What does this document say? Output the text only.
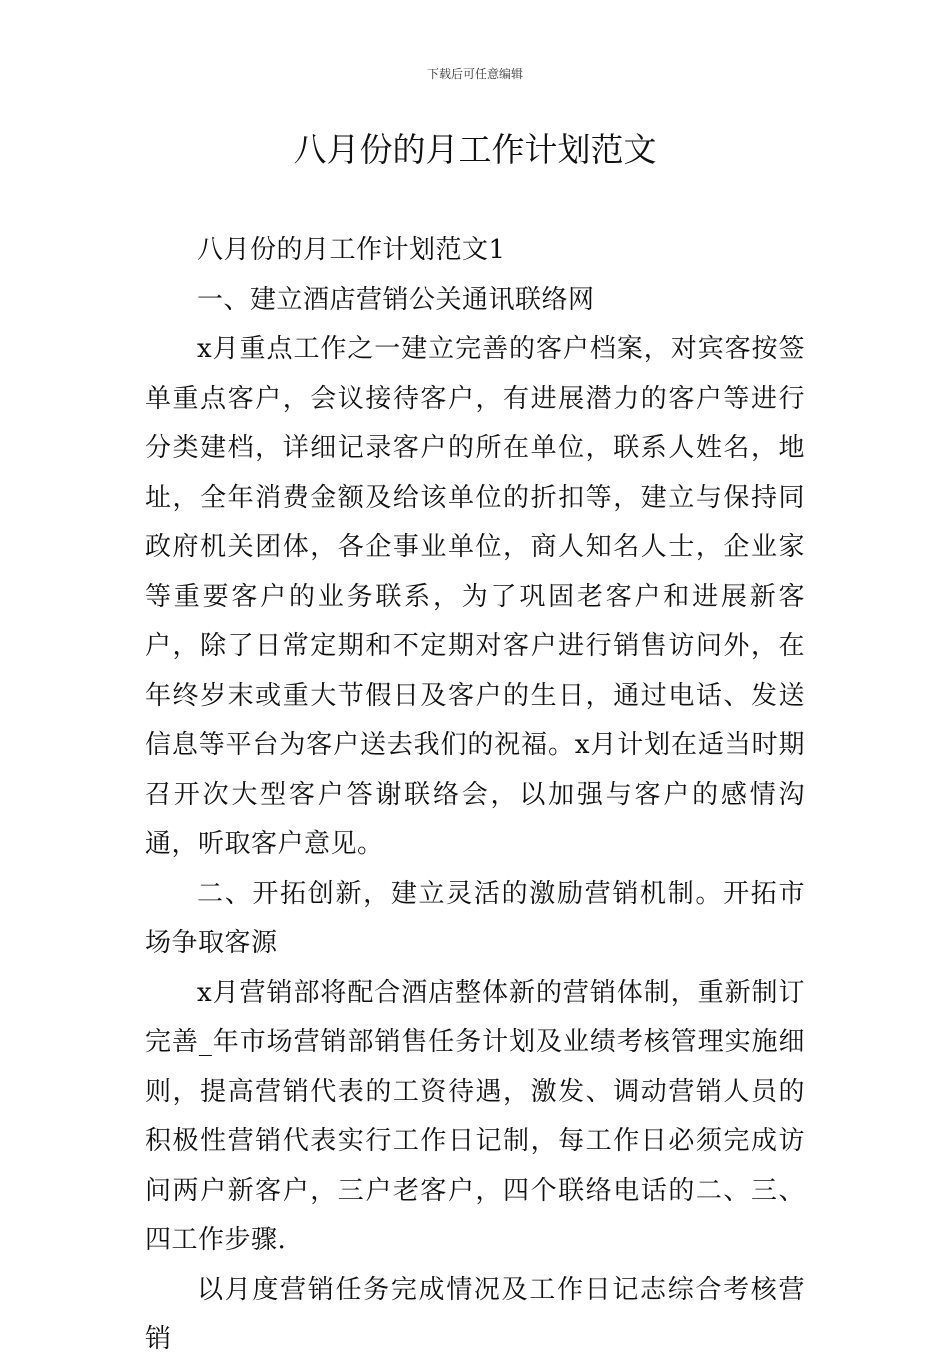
下载后可任意编辑
八月份的月工作计划范文

八月份的月工作计划范文1

一、建立酒店营销公关通讯联络网

x月重点工作之一建立完善的客户档案，对宾客按签单重点客户，会议接待客户，有进展潜力的客户等进行分类建档，详细记录客户的所在单位，联系人姓名，地址，全年消费金额及给该单位的折扣等，建立与保持同政府机关团体，各企事业单位，商人知名人士，企业家等重要客户的业务联系，为了巩固老客户和进展新客户，除了日常定期和不定期对客户进行销售访问外，在年终岁末或重大节假日及客户的生日，通过电话、发送信息等平台为客户送去我们的祝福。x月计划在适当时期召开次大型客户答谢联络会，以加强与客户的感情沟通，听取客户意见。

二、开拓创新，建立灵活的激励营销机制。开拓市场争取客源

x月营销部将配合酒店整体新的营销体制，重新制订完善_年市场营销部销售任务计划及业绩考核管理实施细则，提高营销代表的工资待遇，激发、调动营销人员的积极性营销代表实行工作日记制，每工作日必须完成访问两户新客户，三户老客户，四个联络电话的二、三、四工作步骤.

以月度营销任务完成情况及工作日记志综合考核营销
